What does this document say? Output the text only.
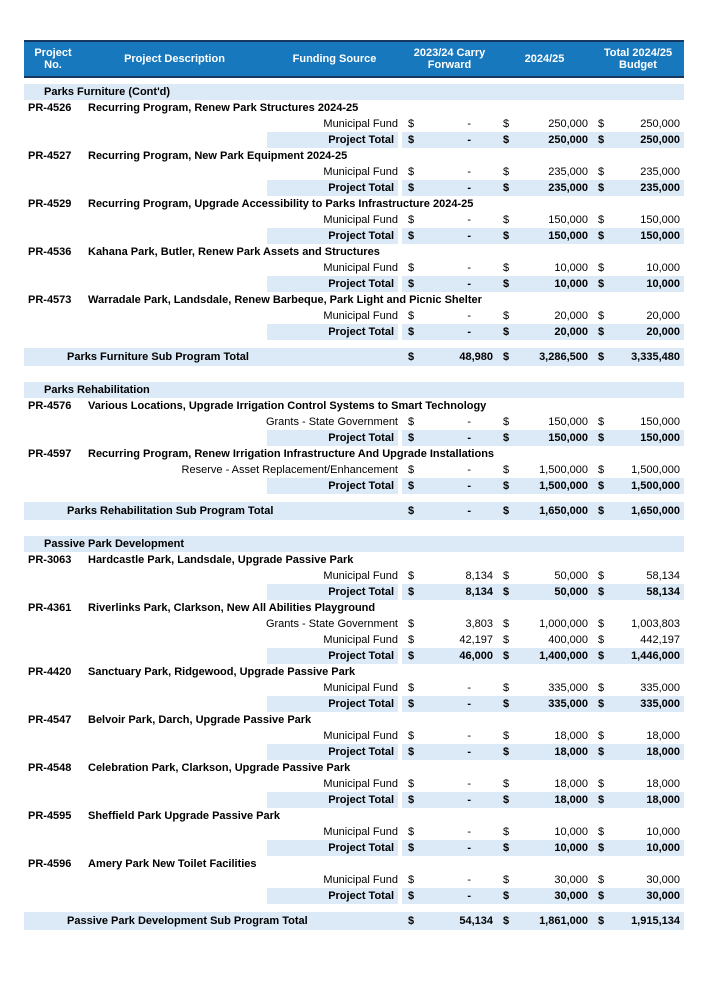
Project No.	Project Description	Funding Source	2023/24 Carry Forward	2024/25	Total 2024/25 Budget
Parks Furniture (Cont'd)
PR-4526	Recurring Program, Renew Park Structures 2024-25
Municipal Fund $	-	$	250,000 $	250,000
Project Total	$	-	$	250,000 $	250,000
PR-4527	Recurring Program, New Park Equipment 2024-25
Municipal Fund $	-	$	235,000 $	235,000
Project Total	$	-	$	235,000 $	235,000
PR-4529	Recurring Program, Upgrade Accessibility to Parks Infrastructure 2024-25
Municipal Fund $	-	$	150,000 $	150,000
Project Total	$	-	$	150,000 $	150,000
PR-4536	Kahana Park, Butler, Renew Park Assets and Structures
Municipal Fund $	-	$	10,000 $	10,000
Project Total	$	-	$	10,000 $	10,000
PR-4573	Warradale Park, Landsdale, Renew Barbeque, Park Light and Picnic Shelter
Municipal Fund $	-	$	20,000 $	20,000
Project Total	$	-	$	20,000 $	20,000
Parks Furniture Sub Program Total	$	48,980 $	3,286,500 $ 3,335,480
Parks Rehabilitation
PR-4576	Various Locations, Upgrade Irrigation Control Systems to Smart Technology
Grants - State Government $	-	$	150,000 $	150,000
Project Total	$	-	$	150,000 $	150,000
PR-4597	Recurring Program, Renew Irrigation Infrastructure And Upgrade Installations
Reserve - Asset Replacement/Enhancement $	-	$	1,500,000 $ 1,500,000
Project Total	$	-	$	1,500,000 $ 1,500,000
Parks Rehabilitation Sub Program Total	$	-	$	1,650,000 $ 1,650,000
Passive Park Development
PR-3063	Hardcastle Park, Landsdale, Upgrade Passive Park
Municipal Fund $	8,134 $	50,000 $	58,134
Project Total	$	8,134 $	50,000 $	58,134
PR-4361	Riverlinks Park, Clarkson, New All Abilities Playground
Grants - State Government $	3,803 $	1,000,000 $ 1,003,803
Municipal Fund $	42,197 $	400,000 $	442,197
Project Total	$	46,000 $	1,400,000 $ 1,446,000
PR-4420	Sanctuary Park, Ridgewood, Upgrade Passive Park
Municipal Fund $	-	$	335,000 $	335,000
Project Total	$	-	$	335,000 $	335,000
PR-4547	Belvoir Park, Darch, Upgrade Passive Park
Municipal Fund $	-	$	18,000 $	18,000
Project Total	$	-	$	18,000 $	18,000
PR-4548	Celebration Park, Clarkson, Upgrade Passive Park
Municipal Fund $	-	$	18,000 $	18,000
Project Total	$	-	$	18,000 $	18,000
PR-4595	Sheffield Park Upgrade Passive Park
Municipal Fund $	-	$	10,000 $	10,000
Project Total	$	-	$	10,000 $	10,000
PR-4596	Amery Park New Toilet Facilities
Municipal Fund $	-	$	30,000 $	30,000
Project Total	$	-	$	30,000 $	30,000
Passive Park Development Sub Program Total	$	54,134 $	1,861,000 $ 1,915,134
